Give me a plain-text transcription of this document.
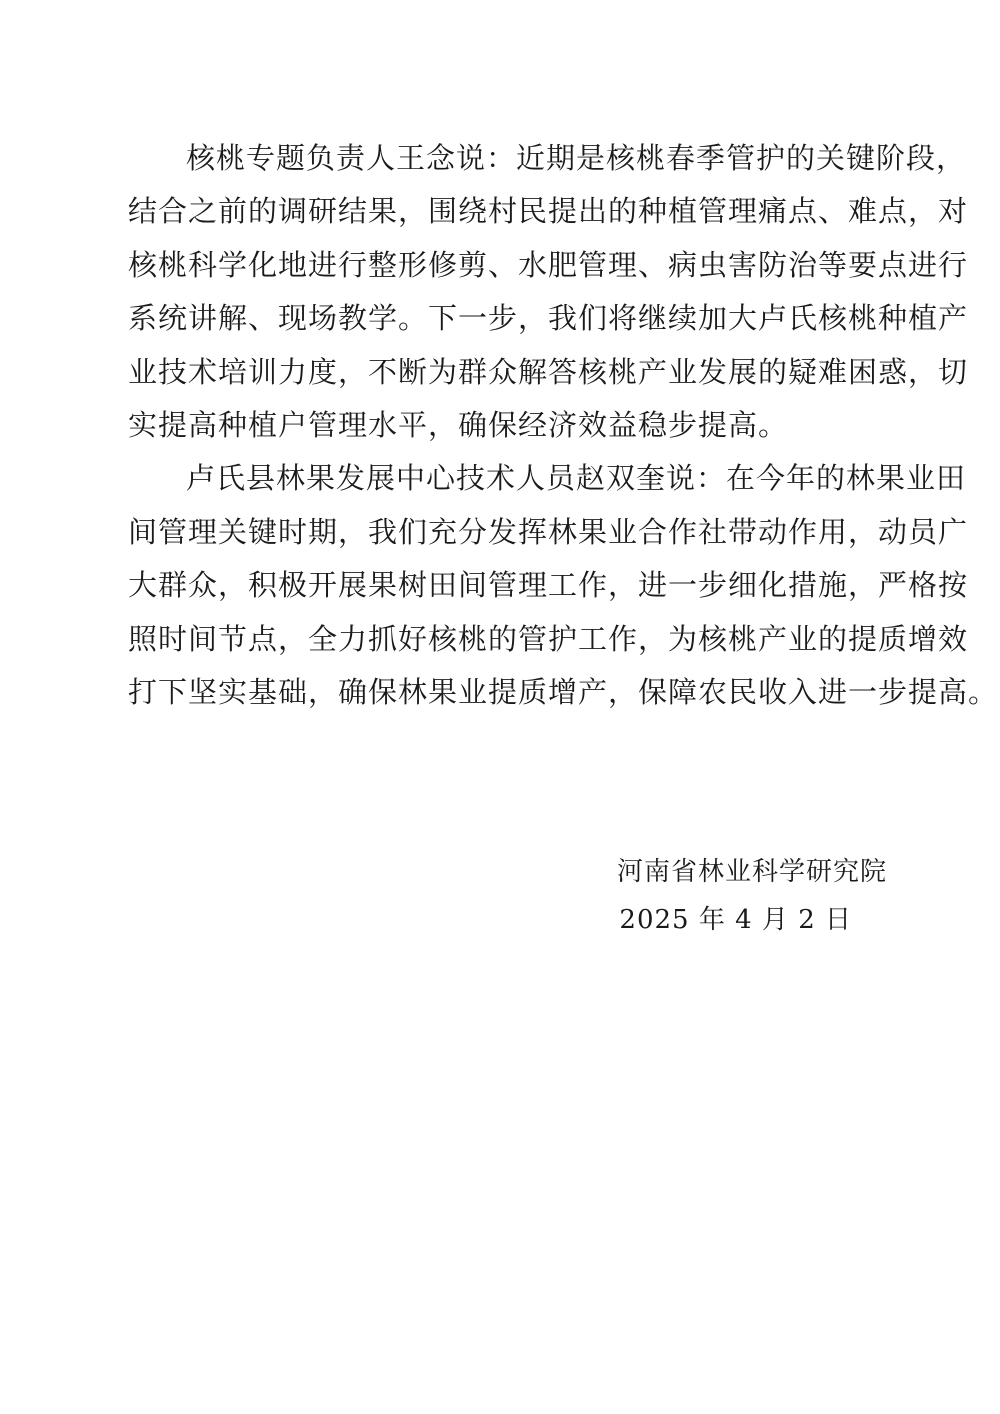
核桃专题负责人王念说：近期是核桃春季管护的关键阶段，
结合之前的调研结果，围绕村民提出的种植管理痛点、难点，对
核桃科学化地进行整形修剪、水肥管理、病虫害防治等要点进行
系统讲解、现场教学。下一步，我们将继续加大卢氏核桃种植产
业技术培训力度，不断为群众解答核桃产业发展的疑难困惑，切
实提高种植户管理水平，确保经济效益稳步提高。
卢氏县林果发展中心技术人员赵双奎说：在今年的林果业田
间管理关键时期，我们充分发挥林果业合作社带动作用，动员广
大群众，积极开展果树田间管理工作，进一步细化措施，严格按
照时间节点，全力抓好核桃的管护工作，为核桃产业的提质增效
打下坚实基础，确保林果业提质增产，保障农民收入进一步提高。
河南省林业科学研究院
2025 年 4 月 2 日
